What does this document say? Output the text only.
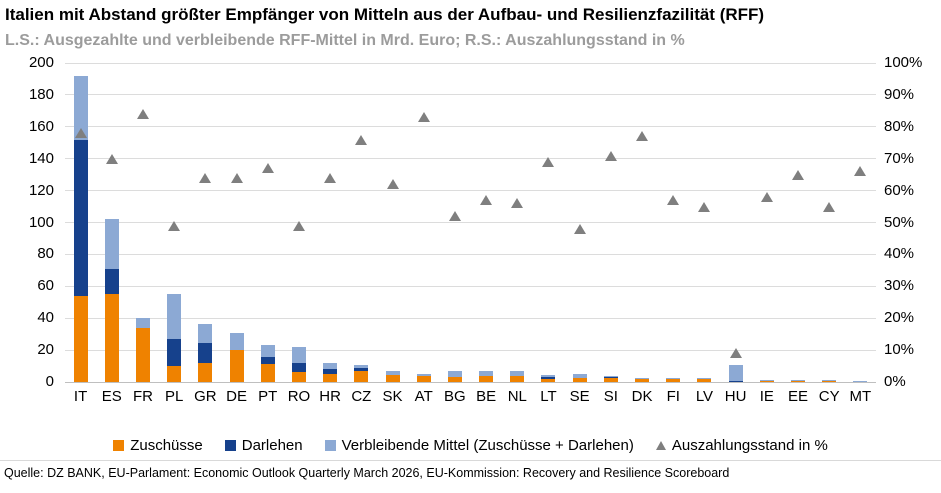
Italien mit Abstand größter Empfänger von Mitteln aus der Aufbau- und Resilienzfazilität (RFF)
L.S.: Ausgezahlte und verbleibende RFF-Mittel in Mrd. Euro; R.S.: Auszahlungsstand in %
200	100%
180	90%
160	80%
140	70%
120	60%
100	50%
80	40%
60	30%
40	20%
20	10%
0	0%
IT ES FR PL GR DE PT RO HR CZ SK AT BG BE NL LT SE SI DK FI	LV HU IE EE CY MT
Zuschüsse	Darlehen	Verbleibende Mittel (Zuschüsse + Darlehen)	Auszahlungsstand in %
Quelle: DZ BANK, EU-Parlament: Economic Outlook Quarterly March 2026, EU-Kommission: Recovery and Resilience Scoreboard
